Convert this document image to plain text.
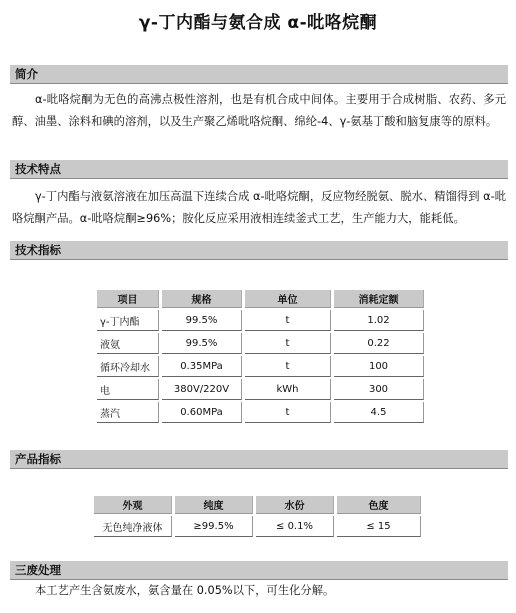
γ-丁内酯与氨合成 α-吡咯烷酮
简介

α-吡咯烷酮为无色的高沸点极性溶剂，也是有机合成中间体。主要用于合成树脂、农药、多元醇、油墨、涂料和碘的溶剂，以及生产聚乙烯吡咯烷酮、绵纶-4、γ-氨基丁酸和脑复康等的原料。

技术特点

γ-丁内酯与液氨溶液在加压高温下连续合成 α-吡咯烷酮，反应物经脱氨、脱水、精馏得到 α-吡咯烷酮产品。α-吡咯烷酮≥96%；胺化反应采用液相连续釜式工艺，生产能力大，能耗低。

技术指标
项目	规格	单位	消耗定额
γ-丁内酯	99.5%	t	1.02
液氨	99.5%	t	0.22
循环冷却水	0.35MPa	t	100
电	380V/220V	kWh	300
蒸汽	0.60MPa	t	4.5
产品指标
外观	纯度	水份	色度
无色纯净液体	≥99.5%	≤ 0.1%	≤ 15
三废处理

本工艺产生含氨废水，氨含量在 0.05%以下，可生化分解。
